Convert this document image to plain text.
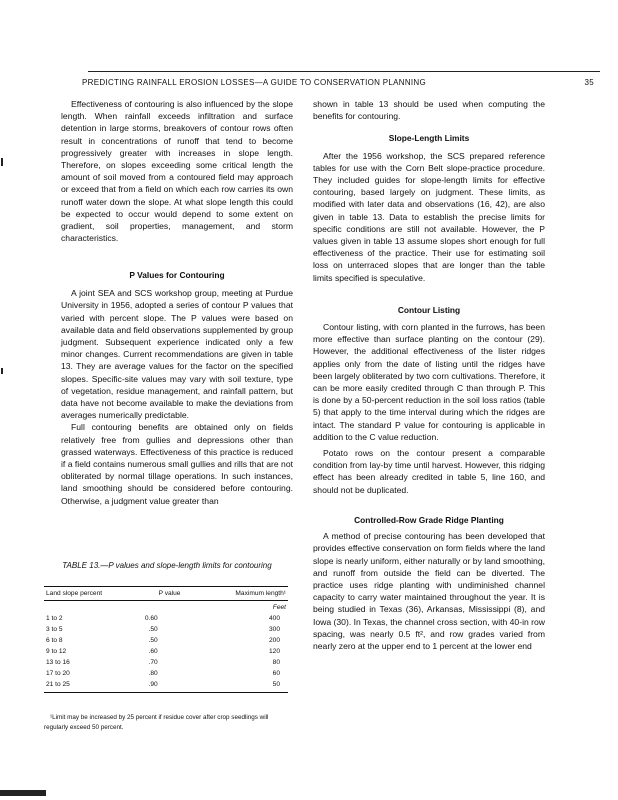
PREDICTING RAINFALL EROSION LOSSES—A GUIDE TO CONSERVATION PLANNING	35

Effectiveness of contouring is also influenced by the slope length. When rainfall exceeds infiltration and surface detention in large storms, breakovers of contour rows often result in concentrations of runoff that tend to become progressively greater with increases in slope length. Therefore, on slopes exceeding some critical length the amount of soil moved from a contoured field may approach or exceed that from a field on which each row carries its own runoff water down the slope. At what slope length this could be expected to occur would depend to some extent on gradient, soil properties, management, and storm characteristics.

P Values for Contouring

A joint SEA and SCS workshop group, meeting at Purdue University in 1956, adopted a series of contour P values that varied with percent slope. The P values were based on available data and field observations supplemented by group judgment. Subsequent experience indicated only a few minor changes. Current recommendations are given in table 13. They are average values for the factor on the specified slopes. Specific-site values may vary with soil texture, type of vegetation, residue management, and rainfall pattern, but data have not become available to make the deviations from averages numerically predictable.

Full contouring benefits are obtained only on fields relatively free from gullies and depressions other than grassed waterways. Effectiveness of this practice is reduced if a field contains numerous small gullies and rills that are not obliterated by normal tillage operations. In such instances, land smoothing should be considered before contouring. Otherwise, a judgment value greater than

TABLE 13.—P values and slope-length limits for contouring
Land slope percent	P value	Maximum length¹
		Feet
1 to 2	0.60	400
3 to 5	.50	300
6 to 8	.50	200
9 to 12	.60	120
13 to 16	.70	80
17 to 20	.80	60
21 to 25	.90	50
¹Limit may be increased by 25 percent if residue cover after crop seedlings will regularly exceed 50 percent.

shown in table 13 should be used when computing the benefits for contouring.

Slope-Length Limits

After the 1956 workshop, the SCS prepared reference tables for use with the Corn Belt slope-practice procedure. They included guides for slope-length limits for effective contouring, based largely on judgment. These limits, as modified with later data and observations (16, 42), are also given in table 13. Data to establish the precise limits for specific conditions are still not available. However, the P values given in table 13 assume slopes short enough for full effectiveness of the practice. Their use for estimating soil loss on unterraced slopes that are longer than the table limits specified is speculative.

Contour Listing

Contour listing, with corn planted in the furrows, has been more effective than surface planting on the contour (29). However, the additional effectiveness of the lister ridges applies only from the date of listing until the ridges have been largely obliterated by two corn cultivations. Therefore, it can be more easily credited through C than through P. This is done by a 50-percent reduction in the soil loss ratios (table 5) that apply to the time interval during which the ridges are intact. The standard P value for contouring is applicable in addition to the C value reduction.

Potato rows on the contour present a comparable condition from lay-by time until harvest. However, this ridging effect has been already credited in table 5, line 160, and should not be duplicated.

Controlled-Row Grade Ridge Planting

A method of precise contouring has been developed that provides effective conservation on form fields where the land slope is nearly uniform, either naturally or by land smoothing, and runoff from outside the field can be diverted. The practice uses ridge planting with undiminished channel capacity to carry water maintained throughout the year. It is being studied in Texas (36), Arkansas, Mississippi (8), and Iowa (30). In Texas, the channel cross section, with 40-in row spacing, was nearly 0.5 ft², and row grades varied from nearly zero at the upper end to 1 percent at the lower end
